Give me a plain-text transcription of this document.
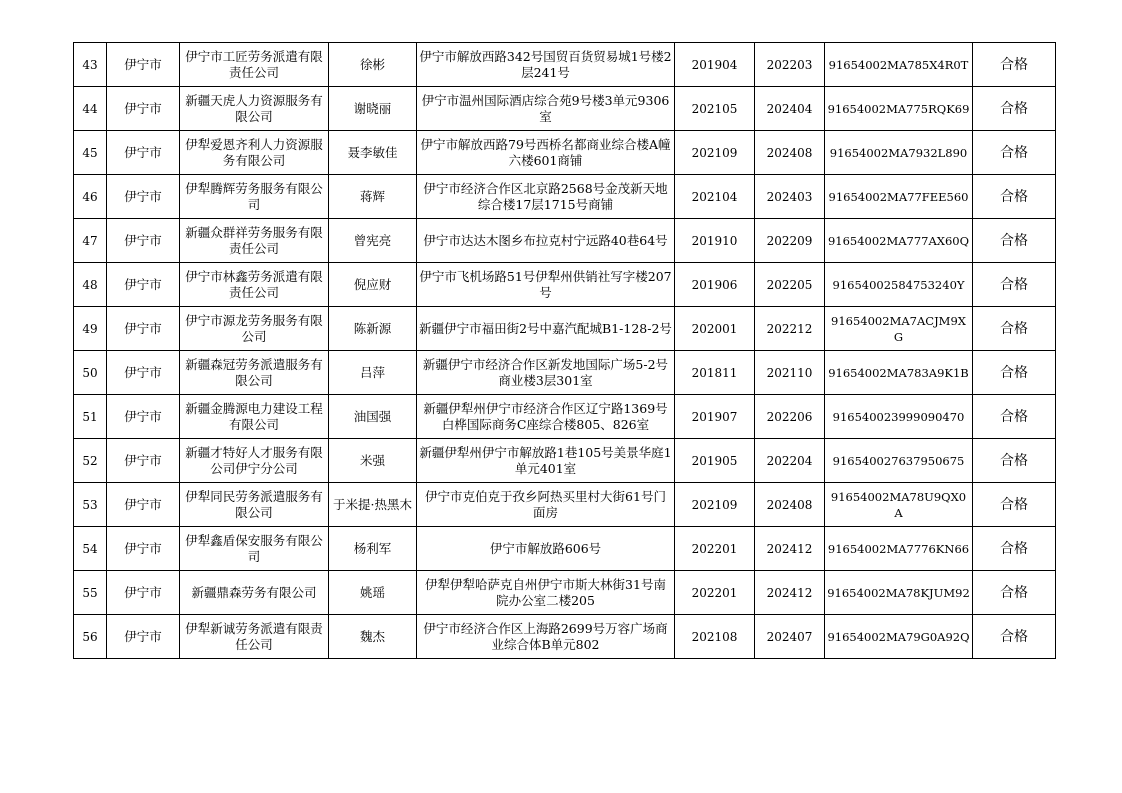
43	伊宁市	伊宁市工匠劳务派遣有限责任公司	徐彬	伊宁市解放西路342号国贸百货贸易城1号楼2层241号	201904	202203	91654002MA785X4R0T	合格
44	伊宁市	新疆天虎人力资源服务有限公司	谢晓丽	伊宁市温州国际酒店综合苑9号楼3单元9306室	202105	202404	91654002MA775RQK69	合格
45	伊宁市	伊犁爱恩齐利人力资源服务有限公司	聂李敏佳	伊宁市解放西路79号西桥名都商业综合楼A幢六楼601商铺	202109	202408	91654002MA7932L890	合格
46	伊宁市	伊犁腾辉劳务服务有限公司	蒋辉	伊宁市经济合作区北京路2568号金茂新天地综合楼17层1715号商铺	202104	202403	91654002MA77FEE560	合格
47	伊宁市	新疆众群祥劳务服务有限责任公司	曾宪亮	伊宁市达达木图乡布拉克村宁远路40巷64号	201910	202209	91654002MA777AX60Q	合格
48	伊宁市	伊宁市林鑫劳务派遣有限责任公司	倪应财	伊宁市飞机场路51号伊犁州供销社写字楼207号	201906	202205	91654002584753240Y	合格
49	伊宁市	伊宁市源龙劳务服务有限公司	陈新源	新疆伊宁市福田街2号中嘉汽配城B1-128-2号	202001	202212	91654002MA7ACJM9XG	合格
50	伊宁市	新疆森冠劳务派遣服务有限公司	吕萍	新疆伊宁市经济合作区新发地国际广场5-2号商业楼3层301室	201811	202110	91654002MA783A9K1B	合格
51	伊宁市	新疆金腾源电力建设工程有限公司	油国强	新疆伊犁州伊宁市经济合作区辽宁路1369号白桦国际商务C座综合楼805、826室	201907	202206	916540023999090470	合格
52	伊宁市	新疆才特好人才服务有限公司伊宁分公司	米强	新疆伊犁州伊宁市解放路1巷105号美景华庭1单元401室	201905	202204	916540027637950675	合格
53	伊宁市	伊犁同民劳务派遣服务有限公司	于米提·热黑木	伊宁市克伯克于孜乡阿热买里村大街61号门面房	202109	202408	91654002MA78U9QX0A	合格
54	伊宁市	伊犁鑫盾保安服务有限公司	杨利军	伊宁市解放路606号	202201	202412	91654002MA7776KN66	合格
55	伊宁市	新疆鼎森劳务有限公司	姚瑶	伊犁伊犁哈萨克自州伊宁市斯大林街31号南院办公室二楼205	202201	202412	91654002MA78KJUM92	合格
56	伊宁市	伊犁新诚劳务派遣有限责任公司	魏杰	伊宁市经济合作区上海路2699号万容广场商业综合体B单元802	202108	202407	91654002MA79G0A92Q	合格
